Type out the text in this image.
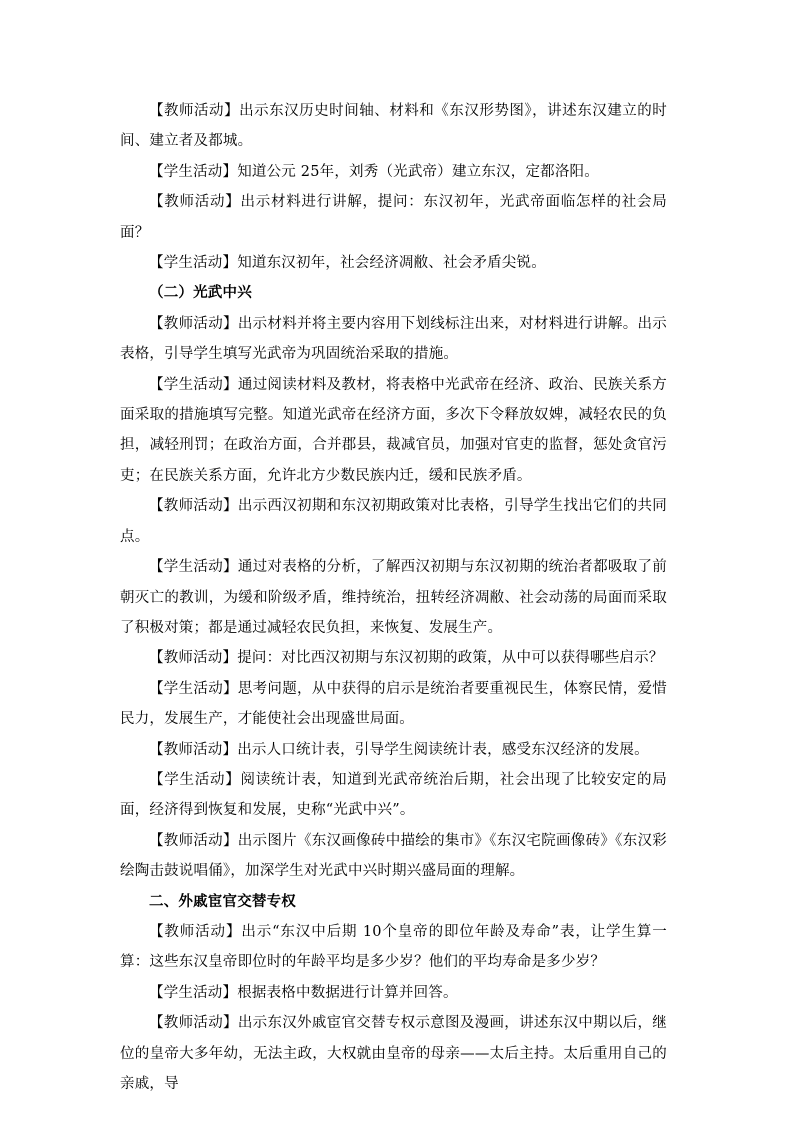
【教师活动】出示东汉历史时间轴、材料和《东汉形势图》，讲述东汉建立的时间、建立者及都城。

【学生活动】知道公元 25年，刘秀（光武帝）建立东汉，定都洛阳。

【教师活动】出示材料进行讲解，提问：东汉初年，光武帝面临怎样的社会局面？

【学生活动】知道东汉初年，社会经济凋敝、社会矛盾尖锐。

（二）光武中兴

【教师活动】出示材料并将主要内容用下划线标注出来，对材料进行讲解。出示表格，引导学生填写光武帝为巩固统治采取的措施。

【学生活动】通过阅读材料及教材，将表格中光武帝在经济、政治、民族关系方面采取的措施填写完整。知道光武帝在经济方面，多次下令释放奴婢，减轻农民的负担，减轻刑罚；在政治方面，合并郡县，裁减官员，加强对官吏的监督，惩处贪官污吏；在民族关系方面，允许北方少数民族内迁，缓和民族矛盾。

【教师活动】出示西汉初期和东汉初期政策对比表格，引导学生找出它们的共同点。

【学生活动】通过对表格的分析，了解西汉初期与东汉初期的统治者都吸取了前朝灭亡的教训，为缓和阶级矛盾，维持统治，扭转经济凋敝、社会动荡的局面而采取了积极对策；都是通过减轻农民负担，来恢复、发展生产。

【教师活动】提问：对比西汉初期与东汉初期的政策，从中可以获得哪些启示？

【学生活动】思考问题，从中获得的启示是统治者要重视民生，体察民情，爱惜民力，发展生产，才能使社会出现盛世局面。

【教师活动】出示人口统计表，引导学生阅读统计表，感受东汉经济的发展。

【学生活动】阅读统计表，知道到光武帝统治后期，社会出现了比较安定的局面，经济得到恢复和发展，史称“光武中兴”。

【教师活动】出示图片《东汉画像砖中描绘的集市》《东汉宅院画像砖》《东汉彩绘陶击鼓说唱俑》，加深学生对光武中兴时期兴盛局面的理解。

二、外戚宦官交替专权

【教师活动】出示“东汉中后期 10个皇帝的即位年龄及寿命”表，让学生算一算：这些东汉皇帝即位时的年龄平均是多少岁？他们的平均寿命是多少岁？

【学生活动】根据表格中数据进行计算并回答。

【教师活动】出示东汉外戚宦官交替专权示意图及漫画，讲述东汉中期以后，继位的皇帝大多年幼，无法主政，大权就由皇帝的母亲——太后主持。太后重用自己的亲戚，导
